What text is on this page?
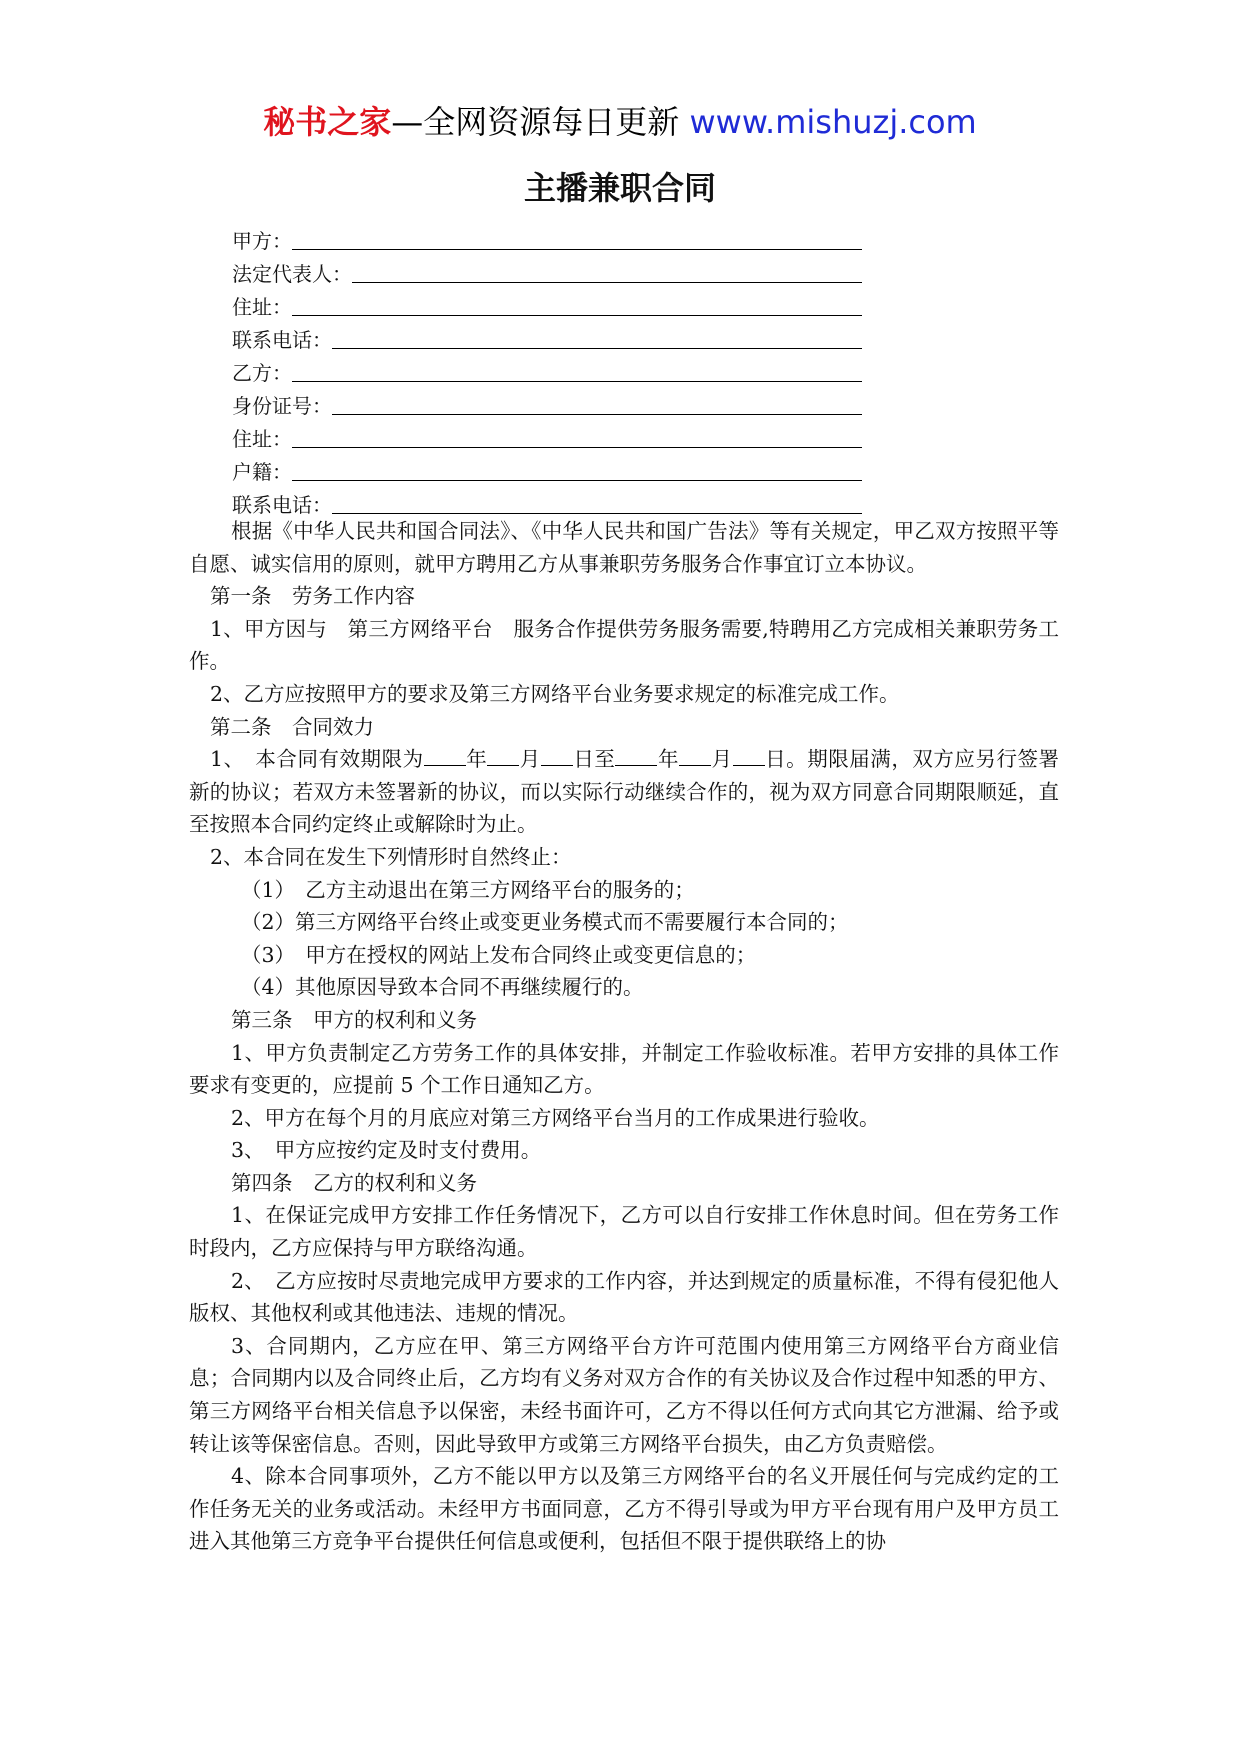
秘书之家—全网资源每日更新 www.mishuzj.com
主播兼职合同
甲方：
法定代表人：
住址：
联系电话：
乙方：
身份证号：
住址：
户籍：
联系电话：

根据《中华人民共和国合同法》、《中华人民共和国广告法》等有关规定，甲乙双方按照平等自愿、诚实信用的原则，就甲方聘用乙方从事兼职劳务服务合作事宜订立本协议。

第一条　劳务工作内容

1、甲方因与　第三方网络平台　服务合作提供劳务服务需要,特聘用乙方完成相关兼职劳务工作。

2、乙方应按照甲方的要求及第三方网络平台业务要求规定的标准完成工作。

第二条　合同效力

1、　本合同有效期限为 年 月 日至 年 月 日。期限届满，双方应另行签署新的协议；若双方未签署新的协议，而以实际行动继续合作的，视为双方同意合同期限顺延，直至按照本合同约定终止或解除时为止。

2、本合同在发生下列情形时自然终止：

（1）　乙方主动退出在第三方网络平台的服务的；

（2）第三方网络平台终止或变更业务模式而不需要履行本合同的；

（3）　甲方在授权的网站上发布合同终止或变更信息的；

（4）其他原因导致本合同不再继续履行的。

第三条　甲方的权利和义务

1、甲方负责制定乙方劳务工作的具体安排，并制定工作验收标准。若甲方安排的具体工作要求有变更的，应提前 5 个工作日通知乙方。

2、甲方在每个月的月底应对第三方网络平台当月的工作成果进行验收。

3、　甲方应按约定及时支付费用。

第四条　乙方的权利和义务

1、在保证完成甲方安排工作任务情况下，乙方可以自行安排工作休息时间。但在劳务工作时段内，乙方应保持与甲方联络沟通。

2、　乙方应按时尽责地完成甲方要求的工作内容，并达到规定的质量标准，不得有侵犯他人版权、其他权利或其他违法、违规的情况。

3、合同期内，乙方应在甲、第三方网络平台方许可范围内使用第三方网络平台方商业信息；合同期内以及合同终止后，乙方均有义务对双方合作的有关协议及合作过程中知悉的甲方、第三方网络平台相关信息予以保密，未经书面许可，乙方不得以任何方式向其它方泄漏、给予或转让该等保密信息。否则，因此导致甲方或第三方网络平台损失，由乙方负责赔偿。

4、除本合同事项外，乙方不能以甲方以及第三方网络平台的名义开展任何与完成约定的工作任务无关的业务或活动。未经甲方书面同意，乙方不得引导或为甲方平台现有用户及甲方员工进入其他第三方竞争平台提供任何信息或便利，包括但不限于提供联络上的协
